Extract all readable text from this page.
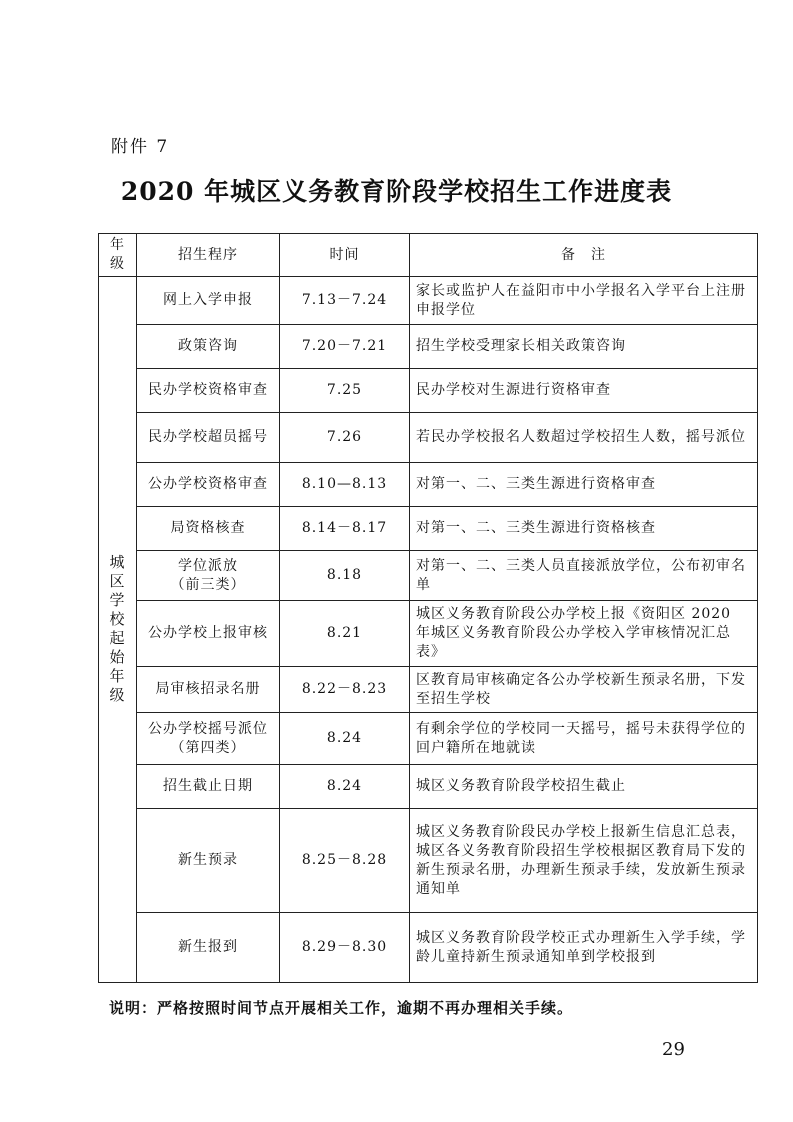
附件 7
2020 年城区义务教育阶段学校招生工作进度表
年级	招生程序	时间	备　注
城区学校起始年级	网上入学申报	7.13－7.24	家长或监护人在益阳市中小学报名入学平台上注册申报学位
	政策咨询	7.20－7.21	招生学校受理家长相关政策咨询
	民办学校资格审查	7.25	民办学校对生源进行资格审查
	民办学校超员摇号	7.26	若民办学校报名人数超过学校招生人数，摇号派位
	公办学校资格审查	8.10—8.13	对第一、二、三类生源进行资格审查
	局资格核查	8.14－8.17	对第一、二、三类生源进行资格核查

	学位派放
（前三类）	8.18	对第一、二、三类人员直接派放学位，公布初审名单
	公办学校上报审核	8.21	城区义务教育阶段公办学校上报《资阳区 2020 年城区义务教育阶段公办学校入学审核情况汇总表》
	局审核招录名册	8.22－8.23	区教育局审核确定各公办学校新生预录名册，下发至招生学校

	公办学校摇号派位
（第四类）	8.24	有剩余学位的学校同一天摇号，摇号未获得学位的回户籍所在地就读
	招生截止日期	8.24	城区义务教育阶段学校招生截止
	新生预录	8.25－8.28	城区义务教育阶段民办学校上报新生信息汇总表，城区各义务教育阶段招生学校根据区教育局下发的新生预录名册，办理新生预录手续，发放新生预录通知单
	新生报到	8.29－8.30	城区义务教育阶段学校正式办理新生入学手续，学龄儿童持新生预录通知单到学校报到
说明：严格按照时间节点开展相关工作，逾期不再办理相关手续。
29
